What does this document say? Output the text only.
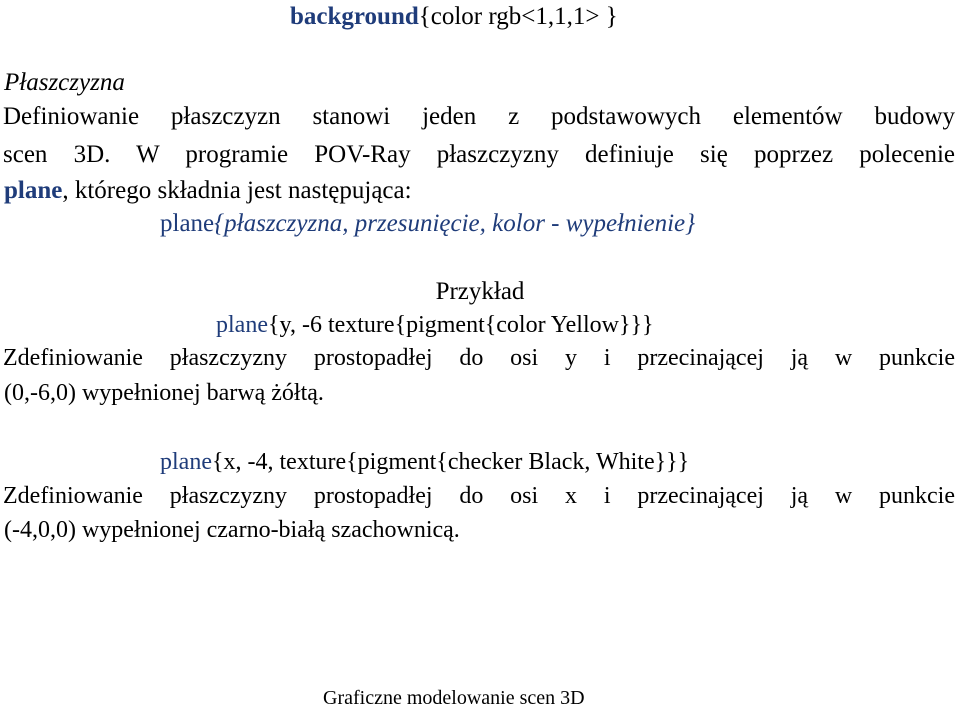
background{color rgb<1,1,1> }
Płaszczyzna
Definiowanie płaszczyzn stanowi jeden z podstawowych elementów budowy
scen 3D. W programie POV-Ray płaszczyzny definiuje się poprzez polecenie
plane, którego składnia jest następująca:
plane{płaszczyzna, przesunięcie, kolor - wypełnienie}
Przykład
plane{y, -6 texture{pigment{color Yellow}}}
Zdefiniowanie płaszczyzny prostopadłej do osi y i przecinającej ją w punkcie
(0,-6,0) wypełnionej barwą żółtą.
plane{x, -4, texture{pigment{checker Black, White}}}
Zdefiniowanie płaszczyzny prostopadłej do osi x i przecinającej ją w punkcie
(-4,0,0) wypełnionej czarno-białą szachownicą.
Graficzne modelowanie scen 3D
